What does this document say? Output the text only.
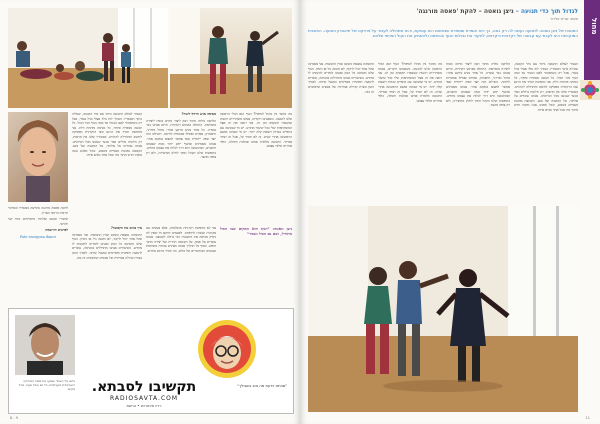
הגעתי לעולם התנועה ביחד עם בתי הקטנה, שגדלה בתוך הסטודיו. הצורך לזוז נולד אצלי בגיל צעיר, אבל רק כשהפכתי לאם הבנתי עד כמה הגוף זוכר הכול. כל תנועה מספרת סיפור, כל נשימה פותחת דלת. אני מחפשת תמיד את הרגע שבו הרקדנית מפסיקה לחשוב ומתחילה להרגיש. בסטודיו שלנו אין מראות, רק חלונות גדולים ואור טבעי שנכנס מכל הכיוונים. אנחנו עובדים על אלתור, על הקשבה ועל מגע. הקבוצה נפגשת פעמיים בשבוע, ובכל מפגש נבנה משהו חדש מתוך מה שכל אחד מביא איתו.

מאיפה מגיע הדחף ליצור?

הלהקה נולדה מתוך רצון ליצור מרחב בטוח ליצירה משותפת. התחלנו בארבע רקדניות, והיום אנחנו כבר עשרה. כל אחד מגיע מרקע אחר: מחול מודרני, תיאטרון, ספורט ואפילו אומנויות לחימה. השילוב הזה יוצר שפה ייחודית שאי אפשר למצוא במקום אחר. אנחנו מאמינים שהגוף יודע יותר ממה שאנחנו חושבים, ושהתנועה היא דרך לגלות את עצמנו מחדש. בהופעות שלנו הקהל הופך לחלק מהיצירה, ולא רק צופה מהצד.

מה מחבר בין מחול לטיפול? הגוף הוא הכלי הראשון שלנו להבעה. כשאנחנו רוקדים, אנחנו משחררים רגשות שנשארו תקועים זמן רב. אני רואה את זה אצל המשתתפות שלי בכל שיעור מחדש. יש מי שמגיעה עם כתפיים כבדות ויוצאת קלה יותר. יש מי שבוכה בפעם הראשונה אחרי שנים. זה לא תמיד קל, אבל זה תמיד אמיתי. התנועה מלמדת אותנו סבלנות וחמלה, כלפי אחרים וכלפי עצמנו.

להקת פאסה מורנגה מופיעה בסטודיו ובמרכזי תרבות ברחבי הארץ.

שיעורי תנועה ואלתור מתקיימים בימי שני ורביעי.

לפרטים והרשמה:

Fate enorgona dance

איך בונים את הקבוצה?

התשובה נמצאת בשקט שבין התנועות. אני מאמינה שכל אחד יכול לרקוד, לא משנה גיל או ניסיון. הגוף שלנו משתנה כל הזמן ואנחנו לומדים להקשיב לו מחדש. בשיעורים אנחנו מתחילים בנשימה, עוברים לתנועה חופשית ומסיימים במעגל שיחה. לאורך הזמן נוצרת קהילה אמיתית של אנשים שתומכים זה בזה.

אני לא מחפשת רקדניות מושלמות, אלא אנשים עם סקרנות ונכונות להיפתח. לפעמים דווקא מי שאין לה ניסיון מביאה את הרעננות הכי גדולה לקבוצה. אנחנו עובדים על אמון, על הקשבה הדדית ועל יצירה מתוך חופש. בסוף כל תהליך אנחנו מציגים עבודה משותפת שנבנתה מהחומרים של כולם, וזה תמיד מרגש מחדש.

ניצן גואטה: "הגוף הוא המקום שבו הכול מתחיל, ושם גם הכול נשמר"

תקשיבו לסבתא.
RADIOSAVTA.COM
רדיו אינטרנט • ברשת
גלשו אל האתר ושמעו את מיטב המוזיקה הישראלית והעולמית, כל יום ובכל שעה, מכל מקום.
"סבתא יודעת מה טוב בשבילך"
8 - 9
מחול
לגדול תוך כדי תנועה – ניצן גואטה – להקת 'פאסה מורנגה'
מאת: שרית אלדור

המטבח של ניצן גואטה לתנועה נעשה לה רק כמה, כך היא אומרת ומספרת שבתחום היא עוסקת, והיא מתחילה לעבוד על פרויקט של תיאטרון ותנועה. התוכנית המוקדמת היא לעבוד עם קבוצה של רקדניות ורקדנים, לחקור את גבולות הגוף והנשימה ולהשמיע את הקול הפנימי שלהם.

הגעתי לעולם התנועה ביחד עם בתי הקטנה, שגדלה בתוך הסטודיו. הצורך לזוז נולד אצלי בגיל צעיר, אבל רק כשהפכתי לאם הבנתי עד כמה הגוף זוכר הכול. כל תנועה מספרת סיפור, כל נשימה פותחת דלת. אני מחפשת תמיד את הרגע שבו הרקדנית מפסיקה לחשוב ומתחילה להרגיש. בסטודיו שלנו אין מראות, רק חלונות גדולים ואור טבעי שנכנס מכל הכיוונים. אנחנו עובדים על אלתור, על הקשבה ועל מגע. הקבוצה נפגשת פעמיים בשבוע, ובכל מפגש נבנה משהו חדש מתוך מה שכל אחד מביא איתו.

הלהקה נולדה מתוך רצון ליצור מרחב בטוח ליצירה משותפת. התחלנו בארבע רקדניות, והיום אנחנו כבר עשרה. כל אחד מגיע מרקע אחר: מחול מודרני, תיאטרון, ספורט ואפילו אומנויות לחימה. השילוב הזה יוצר שפה ייחודית שאי אפשר למצוא במקום אחר. אנחנו מאמינים שהגוף יודע יותר ממה שאנחנו חושבים, ושהתנועה היא דרך לגלות את עצמנו מחדש. בהופעות שלנו הקהל הופך לחלק מהיצירה, ולא רק צופה מהצד.

מה מחבר בין מחול לטיפול? הגוף הוא הכלי הראשון שלנו להבעה. כשאנחנו רוקדים, אנחנו משחררים רגשות שנשארו תקועים זמן רב. אני רואה את זה אצל המשתתפות שלי בכל שיעור מחדש. יש מי שמגיעה עם כתפיים כבדות ויוצאת קלה יותר. יש מי שבוכה בפעם הראשונה אחרי שנים. זה לא תמיד קל, אבל זה תמיד אמיתי. התנועה מלמדת אותנו סבלנות וחמלה, כלפי אחרים וכלפי עצמנו.

התשובה נמצאת בשקט שבין התנועות. אני מאמינה שכל אחד יכול לרקוד, לא משנה גיל או ניסיון. הגוף שלנו משתנה כל הזמן ואנחנו לומדים להקשיב לו מחדש. בשיעורים אנחנו מתחילים בנשימה, עוברים לתנועה חופשית ומסיימים במעגל שיחה. לאורך הזמן נוצרת קהילה אמיתית של אנשים שתומכים זה בזה.

11
